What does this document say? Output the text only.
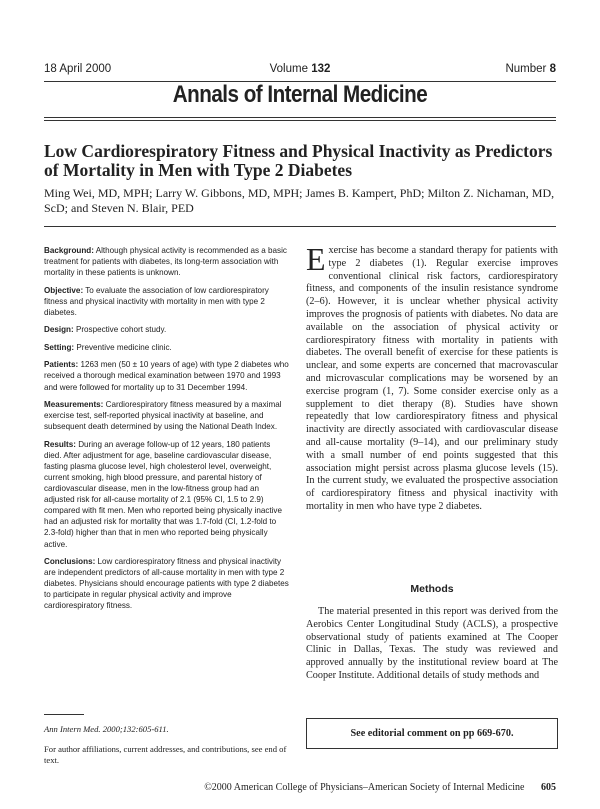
18 April 2000	Volume 132	Number 8
Annals of Internal Medicine
Low Cardiorespiratory Fitness and Physical Inactivity as Predictors of Mortality in Men with Type 2 Diabetes
Ming Wei, MD, MPH; Larry W. Gibbons, MD, MPH; James B. Kampert, PhD; Milton Z. Nichaman, MD, ScD; and Steven N. Blair, PED

Background: Although physical activity is recommended as a basic treatment for patients with diabetes, its long-term association with mortality in these patients is unknown.

Objective: To evaluate the association of low cardiorespiratory fitness and physical inactivity with mortality in men with type 2 diabetes.

Design: Prospective cohort study.

Setting: Preventive medicine clinic.

Patients: 1263 men (50 ± 10 years of age) with type 2 diabetes who received a thorough medical examination between 1970 and 1993 and were followed for mortality up to 31 December 1994.

Measurements: Cardiorespiratory fitness measured by a maximal exercise test, self-reported physical inactivity at baseline, and subsequent death determined by using the National Death Index.

Results: During an average follow-up of 12 years, 180 patients died. After adjustment for age, baseline cardiovascular disease, fasting plasma glucose level, high cholesterol level, overweight, current smoking, high blood pressure, and parental history of cardiovascular disease, men in the low-fitness group had an adjusted risk for all-cause mortality of 2.1 (95% CI, 1.5 to 2.9) compared with fit men. Men who reported being physically inactive had an adjusted risk for mortality that was 1.7-fold (CI, 1.2-fold to 2.3-fold) higher than that in men who reported being physically active.

Conclusions: Low cardiorespiratory fitness and physical inactivity are independent predictors of all-cause mortality in men with type 2 diabetes. Physicians should encourage patients with type 2 diabetes to participate in regular physical activity and improve cardiorespiratory fitness.

Exercise has become a standard therapy for patients with type 2 diabetes (1). Regular exercise improves conventional clinical risk factors, cardiorespiratory fitness, and components of the insulin resistance syndrome (2–6). However, it is unclear whether physical activity improves the prognosis of patients with diabetes. No data are available on the association of physical activity or cardiorespiratory fitness with mortality in patients with diabetes. The overall benefit of exercise for these patients is unclear, and some experts are concerned that macrovascular and microvascular complications may be worsened by an exercise program (1, 7). Some consider exercise only as a supplement to diet therapy (8). Studies have shown repeatedly that low cardiorespiratory fitness and physical inactivity are directly associated with cardiovascular disease and all-cause mortality (9–14), and our preliminary study with a small number of end points suggested that this association might persist across plasma glucose levels (15). In the current study, we evaluated the prospective association of cardiorespiratory fitness and physical inactivity with mortality in men who have type 2 diabetes.

Methods
The material presented in this report was derived from the Aerobics Center Longitudinal Study (ACLS), a prospective observational study of patients examined at The Cooper Clinic in Dallas, Texas. The study was reviewed and approved annually by the institutional review board at The Cooper Institute. Additional details of study methods and
Ann Intern Med. 2000;132:605-611.
For author affiliations, current addresses, and contributions, see end of text.
See editorial comment on pp 669-670.
©2000 American College of Physicians–American Society of Internal Medicine 605
